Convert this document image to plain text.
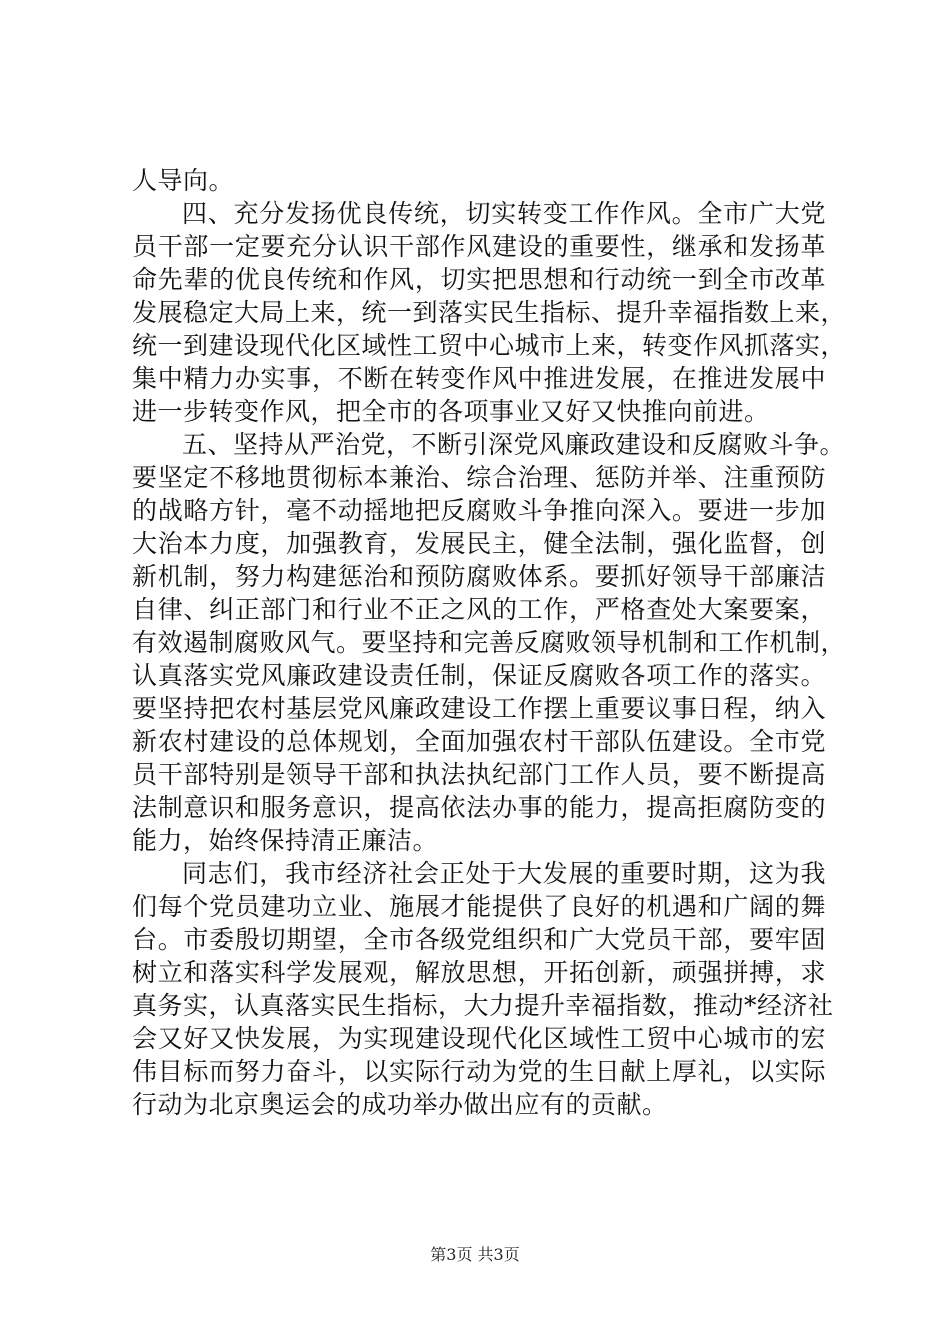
人导向。
四、充分发扬优良传统，切实转变工作作风。全市广大党
员干部一定要充分认识干部作风建设的重要性，继承和发扬革
命先辈的优良传统和作风，切实把思想和行动统一到全市改革
发展稳定大局上来，统一到落实民生指标、提升幸福指数上来，
统一到建设现代化区域性工贸中心城市上来，转变作风抓落实，
集中精力办实事，不断在转变作风中推进发展，在推进发展中
进一步转变作风，把全市的各项事业又好又快推向前进。
五、坚持从严治党，不断引深党风廉政建设和反腐败斗争。
要坚定不移地贯彻标本兼治、综合治理、惩防并举、注重预防
的战略方针，毫不动摇地把反腐败斗争推向深入。要进一步加
大治本力度，加强教育，发展民主，健全法制，强化监督，创
新机制，努力构建惩治和预防腐败体系。要抓好领导干部廉洁
自律、纠正部门和行业不正之风的工作，严格查处大案要案，
有效遏制腐败风气。要坚持和完善反腐败领导机制和工作机制，
认真落实党风廉政建设责任制，保证反腐败各项工作的落实。
要坚持把农村基层党风廉政建设工作摆上重要议事日程，纳入
新农村建设的总体规划，全面加强农村干部队伍建设。全市党
员干部特别是领导干部和执法执纪部门工作人员，要不断提高
法制意识和服务意识，提高依法办事的能力，提高拒腐防变的
能力，始终保持清正廉洁。
同志们，我市经济社会正处于大发展的重要时期，这为我
们每个党员建功立业、施展才能提供了良好的机遇和广阔的舞
台。市委殷切期望，全市各级党组织和广大党员干部，要牢固
树立和落实科学发展观，解放思想，开拓创新，顽强拼搏，求
真务实，认真落实民生指标，大力提升幸福指数，推动*经济社
会又好又快发展，为实现建设现代化区域性工贸中心城市的宏
伟目标而努力奋斗，以实际行动为党的生日献上厚礼，以实际
行动为北京奥运会的成功举办做出应有的贡献。
第3页 共3页
